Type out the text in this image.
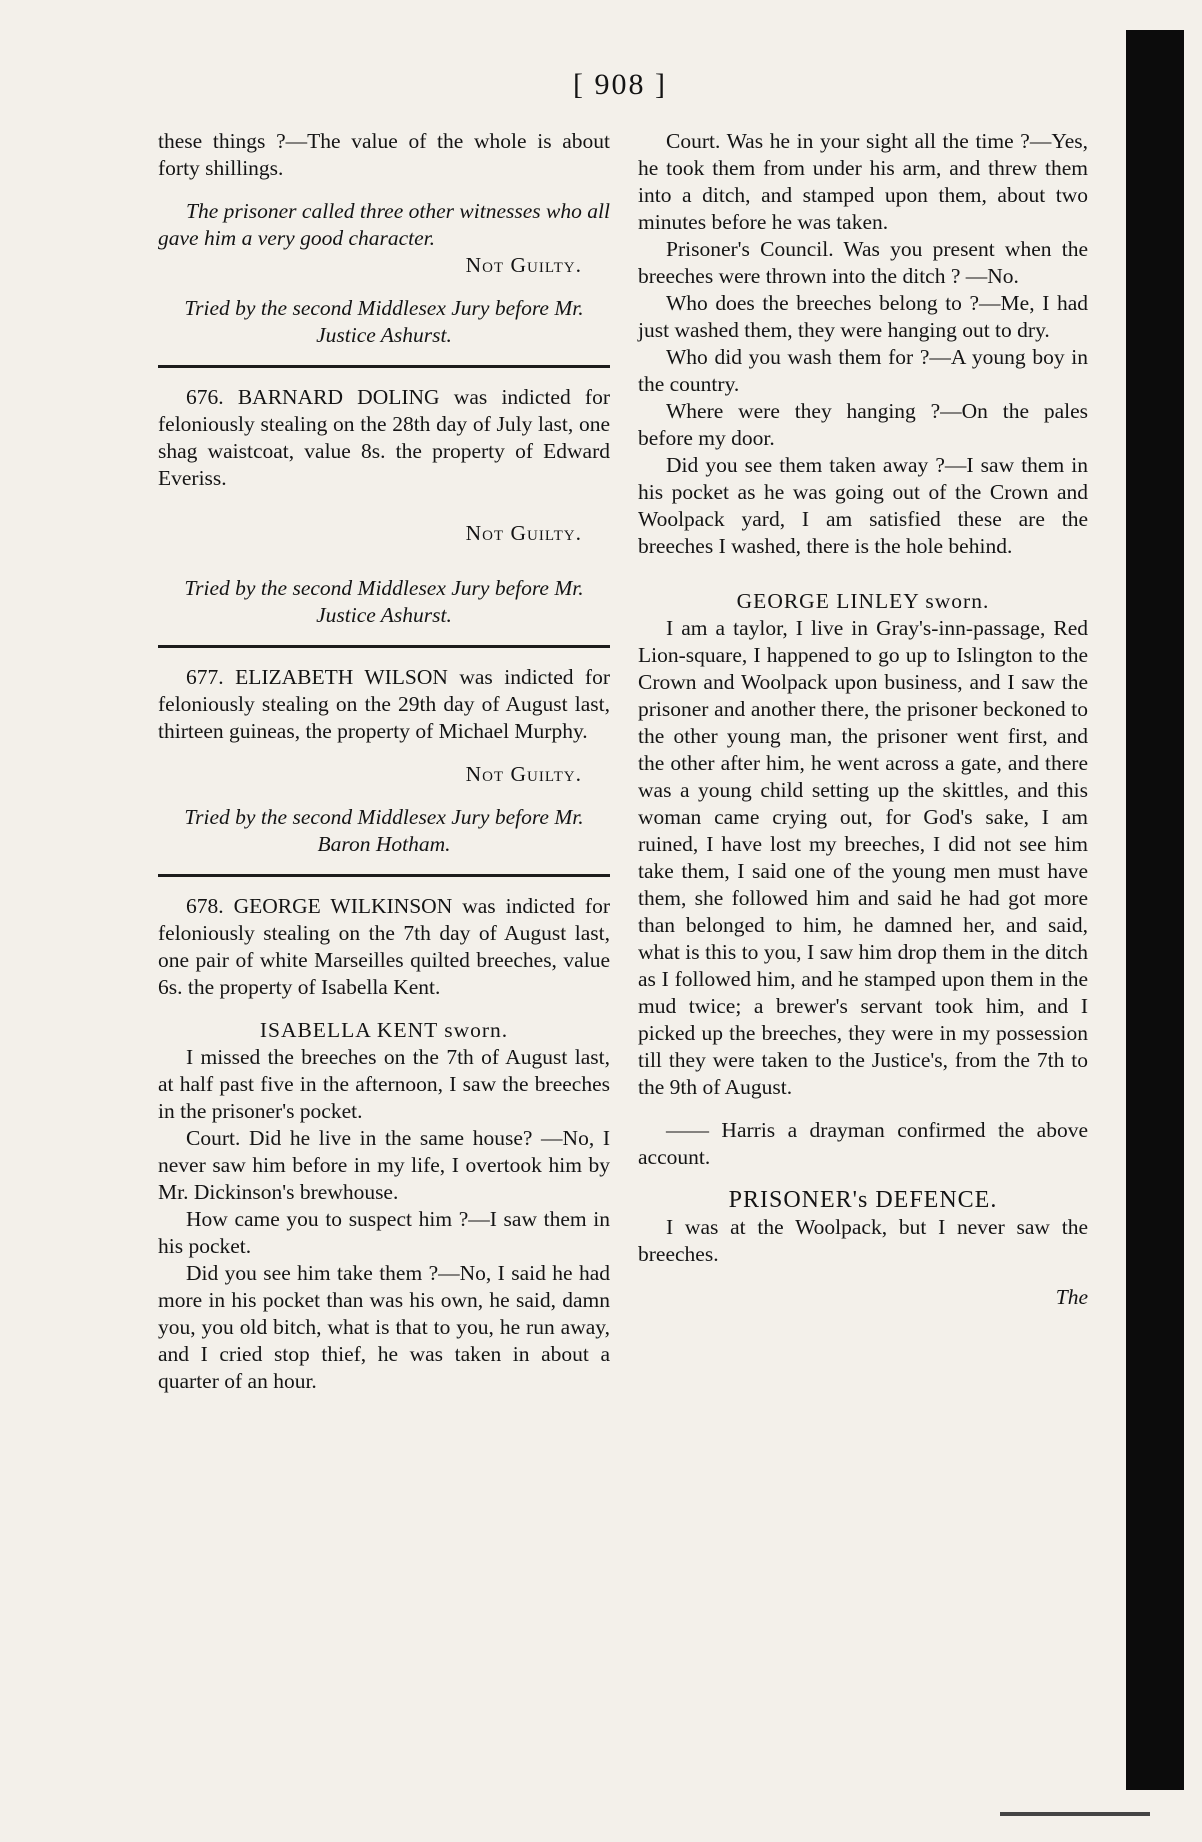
[ 908 ]

these things ?—The value of the whole is about forty shillings.

The prisoner called three other witnesses who all gave him a very good character.

Not Guilty.

Tried by the second Middlesex Jury before Mr. Justice Ashurst.

676. BARNARD DOLING was indicted for feloniously stealing on the 28th day of July last, one shag waistcoat, value 8s. the property of Edward Everiss.

Not Guilty.

Tried by the second Middlesex Jury before Mr. Justice Ashurst.

677. ELIZABETH WILSON was indicted for feloniously stealing on the 29th day of August last, thirteen guineas, the property of Michael Murphy.

Not Guilty.

Tried by the second Middlesex Jury before Mr. Baron Hotham.

678. GEORGE WILKINSON was indicted for feloniously stealing on the 7th day of August last, one pair of white Marseilles quilted breeches, value 6s. the property of Isabella Kent.

ISABELLA KENT sworn.

I missed the breeches on the 7th of August last, at half past five in the afternoon, I saw the breeches in the prisoner's pocket.

Court. Did he live in the same house? —No, I never saw him before in my life, I overtook him by Mr. Dickinson's brewhouse.

How came you to suspect him ?—I saw them in his pocket.

Did you see him take them ?—No, I said he had more in his pocket than was his own, he said, damn you, you old bitch, what is that to you, he run away, and I cried stop thief, he was taken in about a quarter of an hour.

Court. Was he in your sight all the time ?—Yes, he took them from under his arm, and threw them into a ditch, and stamped upon them, about two minutes before he was taken.

Prisoner's Council. Was you present when the breeches were thrown into the ditch ? —No.

Who does the breeches belong to ?—Me, I had just washed them, they were hanging out to dry.

Who did you wash them for ?—A young boy in the country.

Where were they hanging ?—On the pales before my door.

Did you see them taken away ?—I saw them in his pocket as he was going out of the Crown and Woolpack yard, I am satisfied these are the breeches I washed, there is the hole behind.

GEORGE LINLEY sworn.

I am a taylor, I live in Gray's-inn-passage, Red Lion-square, I happened to go up to Islington to the Crown and Woolpack upon business, and I saw the prisoner and another there, the prisoner beckoned to the other young man, the prisoner went first, and the other after him, he went across a gate, and there was a young child setting up the skittles, and this woman came crying out, for God's sake, I am ruined, I have lost my breeches, I did not see him take them, I said one of the young men must have them, she followed him and said he had got more than belonged to him, he damned her, and said, what is this to you, I saw him drop them in the ditch as I followed him, and he stamped upon them in the mud twice; a brewer's servant took him, and I picked up the breeches, they were in my possession till they were taken to the Justice's, from the 7th to the 9th of August.

—— Harris a drayman confirmed the above account.

PRISONER's DEFENCE.

I was at the Woolpack, but I never saw the breeches.

The
